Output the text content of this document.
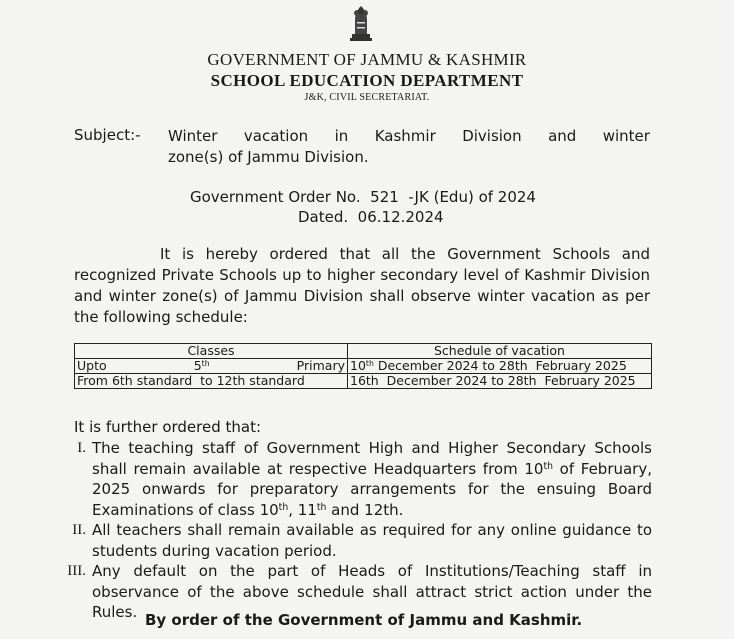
GOVERNMENT OF JAMMU & KASHMIR
SCHOOL EDUCATION DEPARTMENT
J&K, CIVIL SECRETARIAT.
Subject:- Winter vacation in Kashmir Division and winter
zone(s) of Jammu Division.
Government Order No.  521  -JK (Edu) of 2024
Dated.  06.12.2024
It is hereby ordered that all the Government Schools and recognized Private Schools up to higher secondary level of Kashmir Division and winter zone(s) of Jammu Division shall observe winter vacation as per the following schedule:
Classes	Schedule of vacation

Upto 5th Primary	10th December 2024 to 28th  February 2025
From 6th standard  to 12th standard	16th  December 2024 to 28th  February 2025
It is further ordered that:
I. The teaching staff of Government High and Higher Secondary Schools shall remain available at respective Headquarters from 10th of February, 2025 onwards for preparatory arrangements for the ensuing Board Examinations of class 10th, 11th and 12th.
II. All teachers shall remain available as required for any online guidance to students during vacation period.
III. Any default on the part of Heads of Institutions/Teaching staff in observance of the above schedule shall attract strict action under the Rules. By order of the Government of Jammu and Kashmir.
